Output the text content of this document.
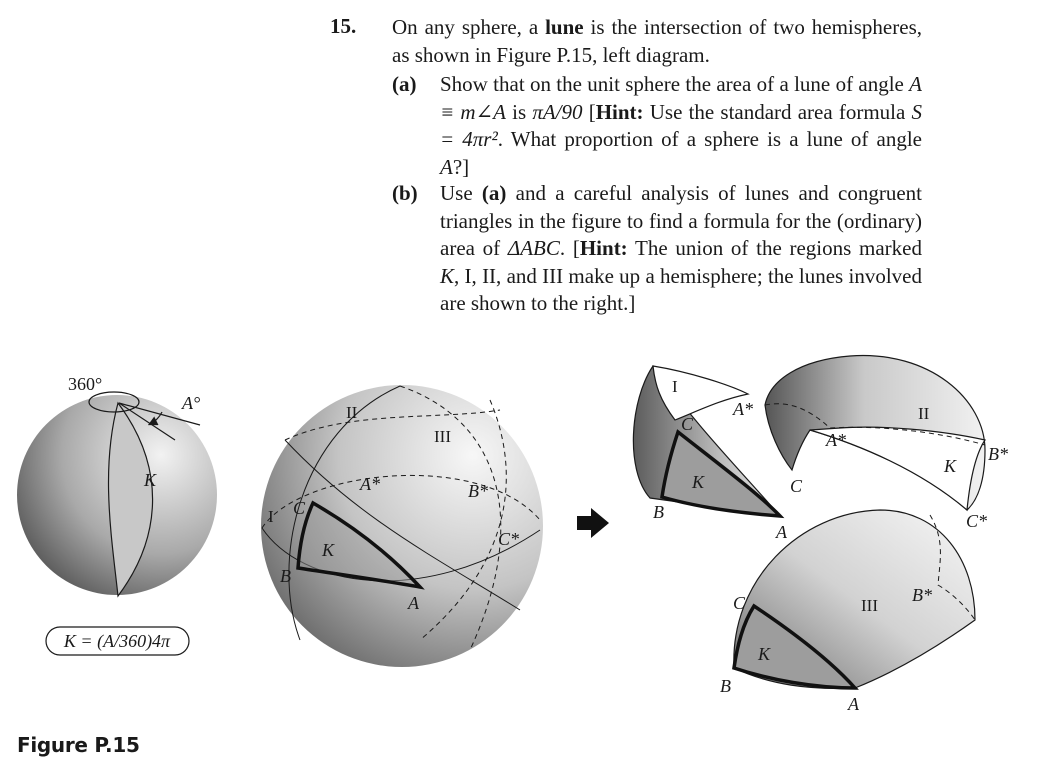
15. On any sphere, a lune is the intersection of two hemispheres, as shown in Figure P.15, left diagram.
(a) Show that on the unit sphere the area of a lune of angle A ≡ m∠A is πA/90 [Hint: Use the standard area formula S = 4πr². What proportion of a sphere is a lune of angle A?]
(b) Use (a) and a careful analysis of lunes and congruent triangles in the figure to find a formula for the (ordinary) area of ΔABC. [Hint: The union of the regions marked K, I, II, and III make up a hemisphere; the lunes involved are shown to the right.]
360°
A°
K
K = (A/360)4π
II
III
I
K
C
B
A
A*	B*
C*
I
A*
C
K
B
A
II
A*
C
K
B*
C*
C	III
B*
K
B
A
Figure P.15
